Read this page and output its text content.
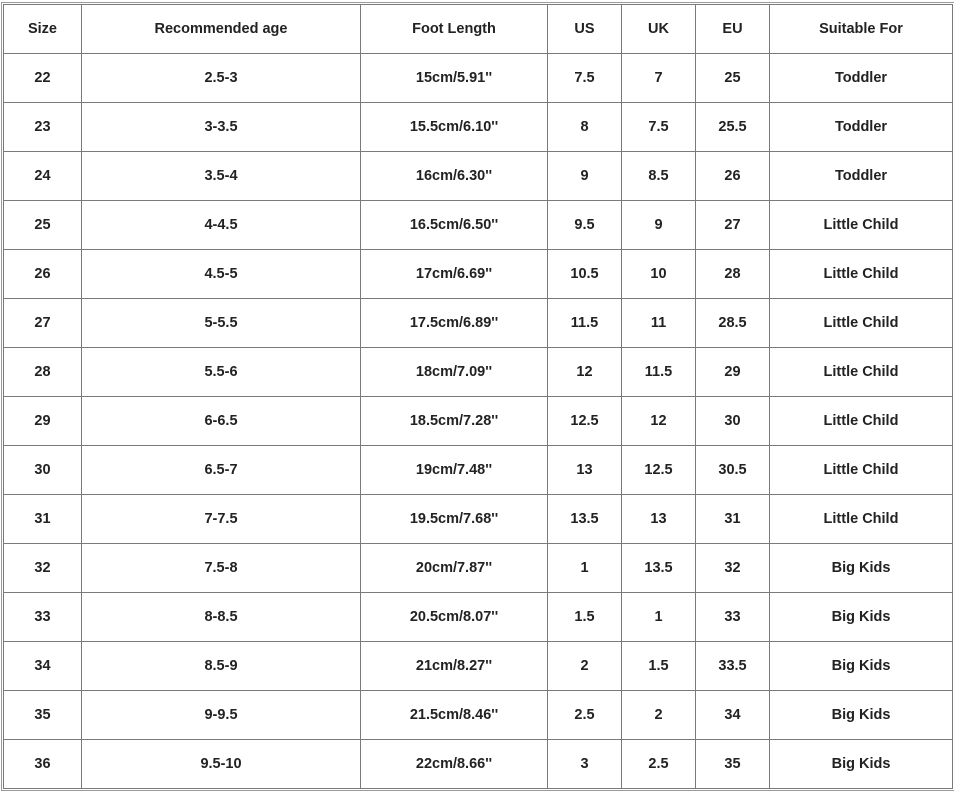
Size	Recommended age	Foot Length	US	UK	EU	Suitable For
22	2.5-3	15cm/5.91''	7.5	7	25	Toddler
23	3-3.5	15.5cm/6.10''	8	7.5	25.5	Toddler
24	3.5-4	16cm/6.30''	9	8.5	26	Toddler
25	4-4.5	16.5cm/6.50''	9.5	9	27	Little Child
26	4.5-5	17cm/6.69''	10.5	10	28	Little Child
27	5-5.5	17.5cm/6.89''	11.5	11	28.5	Little Child
28	5.5-6	18cm/7.09''	12	11.5	29	Little Child
29	6-6.5	18.5cm/7.28''	12.5	12	30	Little Child
30	6.5-7	19cm/7.48''	13	12.5	30.5	Little Child
31	7-7.5	19.5cm/7.68''	13.5	13	31	Little Child
32	7.5-8	20cm/7.87''	1	13.5	32	Big Kids
33	8-8.5	20.5cm/8.07''	1.5	1	33	Big Kids
34	8.5-9	21cm/8.27''	2	1.5	33.5	Big Kids
35	9-9.5	21.5cm/8.46''	2.5	2	34	Big Kids
36	9.5-10	22cm/8.66''	3	2.5	35	Big Kids
